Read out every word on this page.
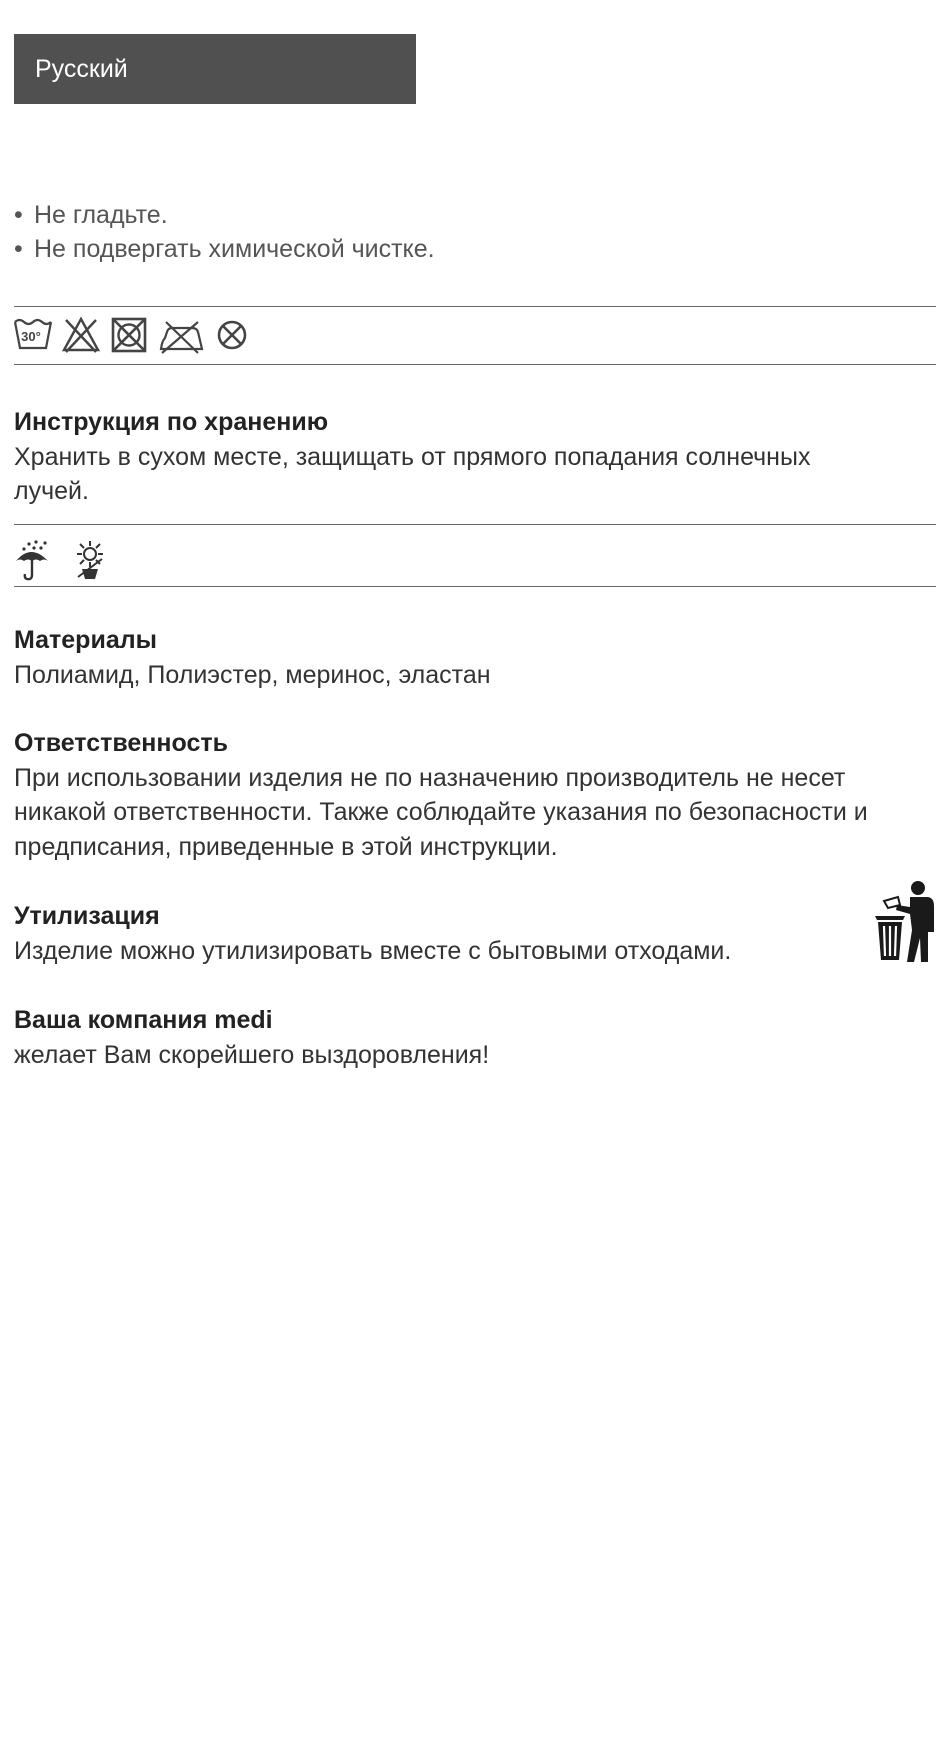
Русский
• Не гладьте.
• Не подвергать химической чистке.
30°
Инструкция по хранению
Хранить в сухом месте, защищать от прямого попадания солнечных лучей.
Материалы
Полиамид, Полиэстер, меринос, эластан
Ответственность
При использовании изделия не по назначению производитель не несет никакой ответственности. Также соблюдайте указания по безопасности и предписания, приведенные в этой инструкции.
Утилизация
Изделие можно утилизировать вместе с бытовыми отходами.
Ваша компания medi
желает Вам скорейшего выздоровления!
